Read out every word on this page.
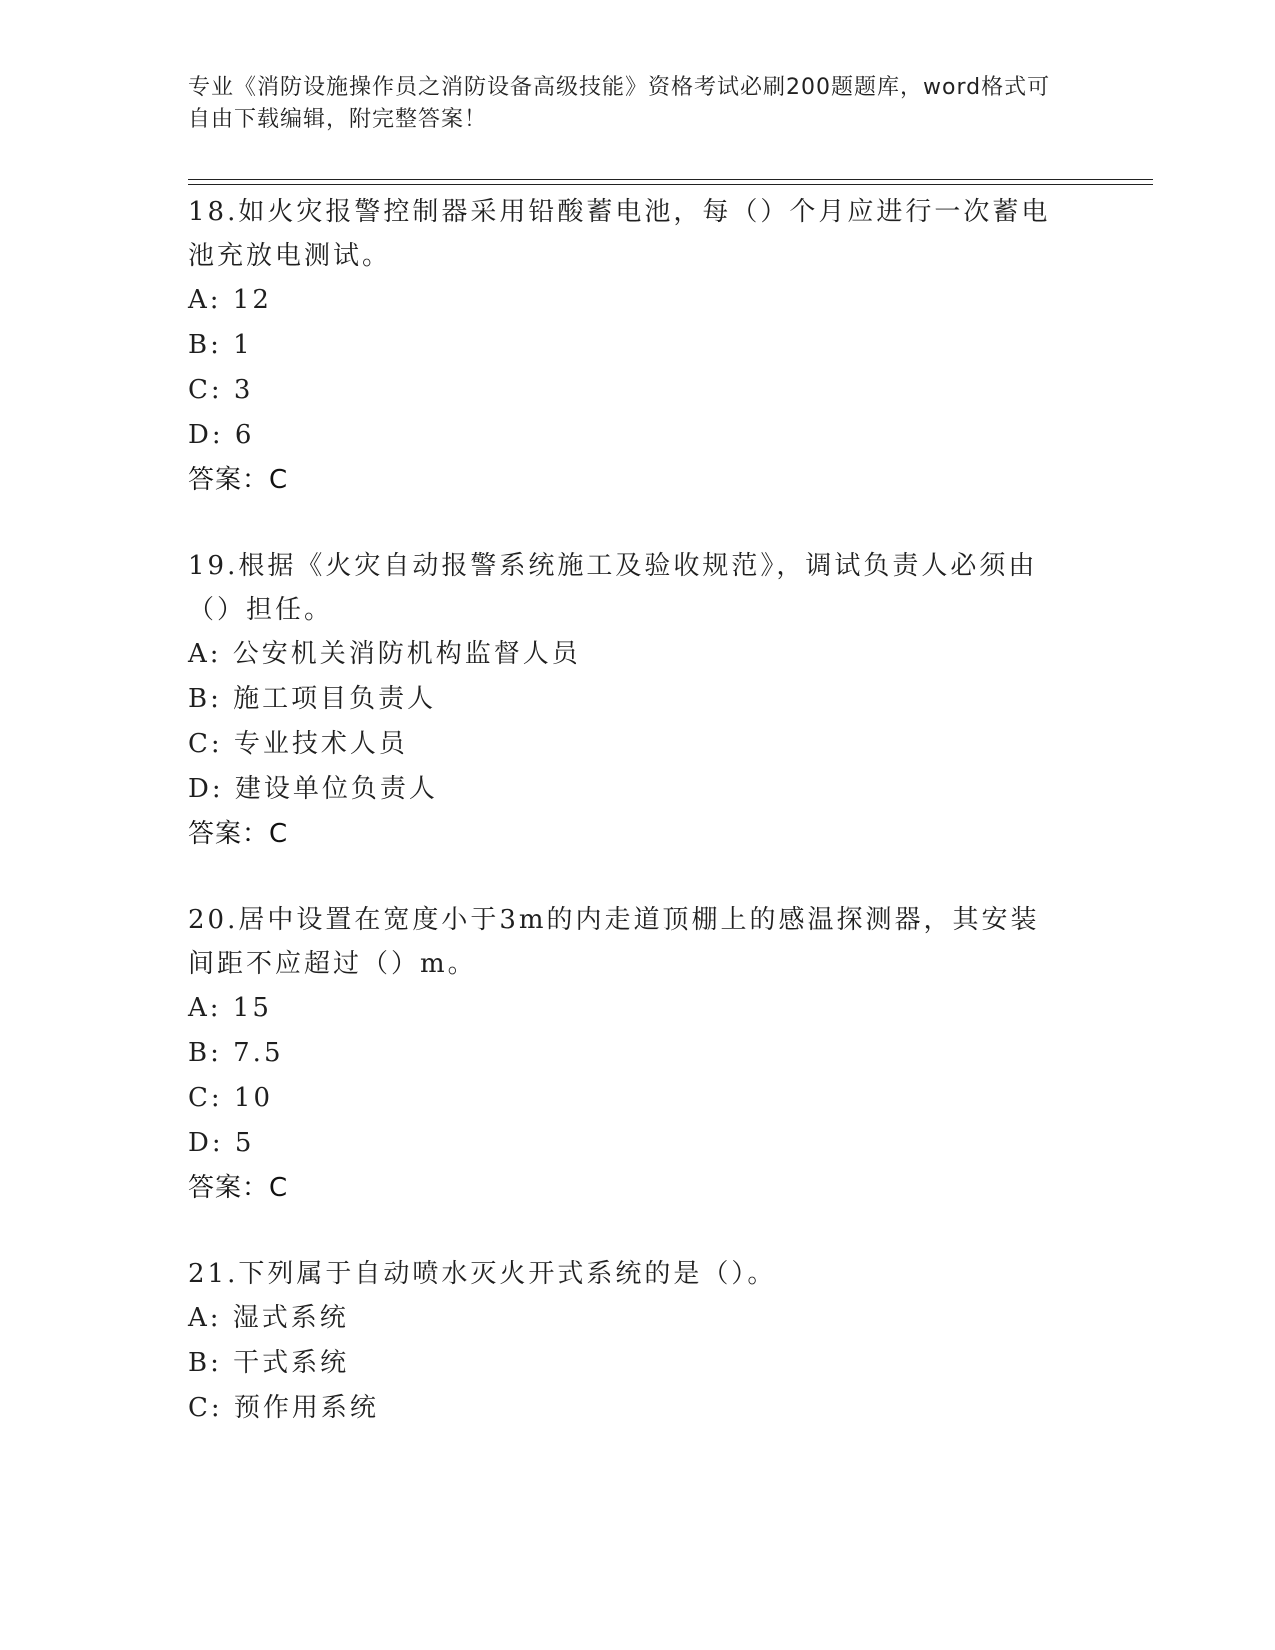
专业《消防设施操作员之消防设备高级技能》资格考试必刷200题题库，word格式可自由下载编辑，附完整答案！

18.如火灾报警控制器采用铅酸蓄电池，每（）个月应进行一次蓄电池充放电测试。

A: 12

B: 1

C: 3

D: 6

答案：C

19.根据《火灾自动报警系统施工及验收规范》，调试负责人必须由（）担任。

A: 公安机关消防机构监督人员

B: 施工项目负责人

C: 专业技术人员

D: 建设单位负责人

答案：C

20.居中设置在宽度小于3m的内走道顶棚上的感温探测器，其安装间距不应超过（）m。

A: 15

B: 7.5

C: 10

D: 5

答案：C

21.下列属于自动喷水灭火开式系统的是（）。

A: 湿式系统

B: 干式系统

C: 预作用系统
